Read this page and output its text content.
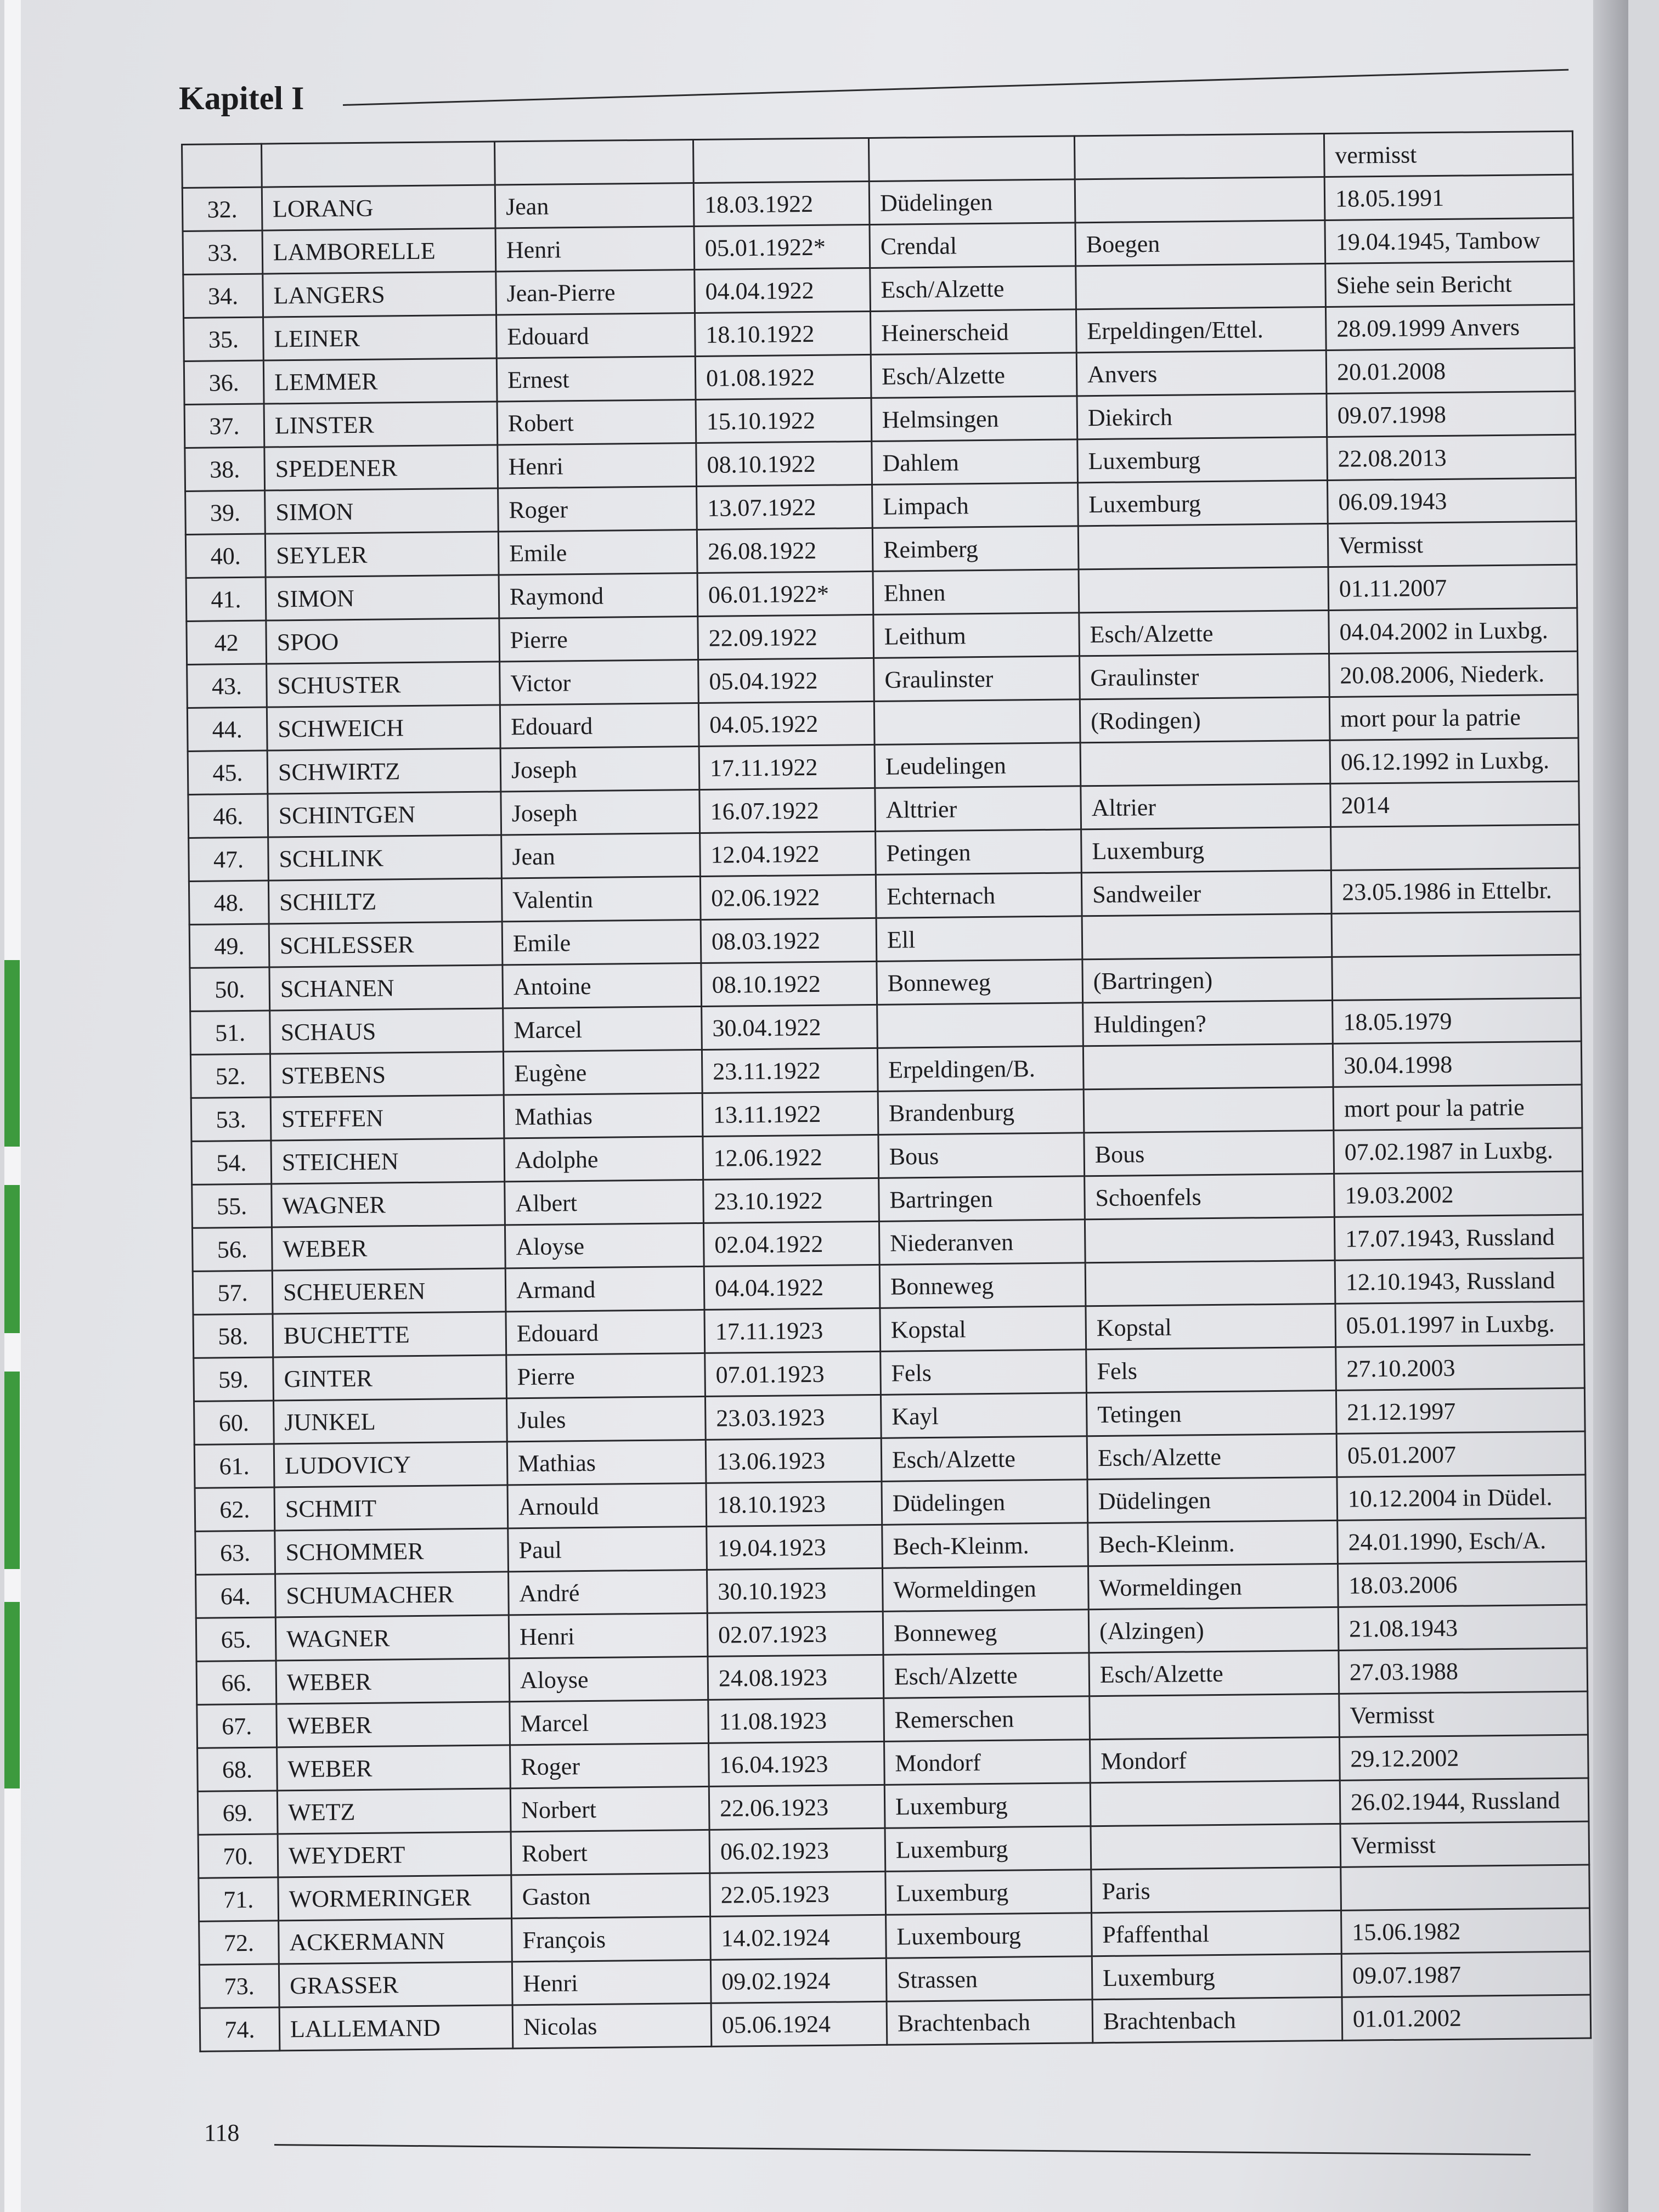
Kapitel I
						vermisst
32.	LORANG	Jean	18.03.1922	Düdelingen		18.05.1991
33.	LAMBORELLE	Henri	05.01.1922*	Crendal	Boegen	19.04.1945, Tambow
34.	LANGERS	Jean-Pierre	04.04.1922	Esch/Alzette		Siehe sein Bericht
35.	LEINER	Edouard	18.10.1922	Heinerscheid	Erpeldingen/Ettel.	28.09.1999 Anvers
36.	LEMMER	Ernest	01.08.1922	Esch/Alzette	Anvers	20.01.2008
37.	LINSTER	Robert	15.10.1922	Helmsingen	Diekirch	09.07.1998
38.	SPEDENER	Henri	08.10.1922	Dahlem	Luxemburg	22.08.2013
39.	SIMON	Roger	13.07.1922	Limpach	Luxemburg	06.09.1943
40.	SEYLER	Emile	26.08.1922	Reimberg		Vermisst
41.	SIMON	Raymond	06.01.1922*	Ehnen		01.11.2007
42	SPOO	Pierre	22.09.1922	Leithum	Esch/Alzette	04.04.2002 in Luxbg.
43.	SCHUSTER	Victor	05.04.1922	Graulinster	Graulinster	20.08.2006, Niederk.
44.	SCHWEICH	Edouard	04.05.1922		(Rodingen)	mort pour la patrie
45.	SCHWIRTZ	Joseph	17.11.1922	Leudelingen		06.12.1992 in Luxbg.
46.	SCHINTGEN	Joseph	16.07.1922	Alttrier	Altrier	2014
47.	SCHLINK	Jean	12.04.1922	Petingen	Luxemburg	
48.	SCHILTZ	Valentin	02.06.1922	Echternach	Sandweiler	23.05.1986 in Ettelbr.
49.	SCHLESSER	Emile	08.03.1922	Ell		
50.	SCHANEN	Antoine	08.10.1922	Bonneweg	(Bartringen)	
51.	SCHAUS	Marcel	30.04.1922		Huldingen?	18.05.1979
52.	STEBENS	Eugène	23.11.1922	Erpeldingen/B.		30.04.1998
53.	STEFFEN	Mathias	13.11.1922	Brandenburg		mort pour la patrie
54.	STEICHEN	Adolphe	12.06.1922	Bous	Bous	07.02.1987 in Luxbg.
55.	WAGNER	Albert	23.10.1922	Bartringen	Schoenfels	19.03.2002
56.	WEBER	Aloyse	02.04.1922	Niederanven		17.07.1943, Russland
57.	SCHEUEREN	Armand	04.04.1922	Bonneweg		12.10.1943, Russland
58.	BUCHETTE	Edouard	17.11.1923	Kopstal	Kopstal	05.01.1997 in Luxbg.
59.	GINTER	Pierre	07.01.1923	Fels	Fels	27.10.2003
60.	JUNKEL	Jules	23.03.1923	Kayl	Tetingen	21.12.1997
61.	LUDOVICY	Mathias	13.06.1923	Esch/Alzette	Esch/Alzette	05.01.2007
62.	SCHMIT	Arnould	18.10.1923	Düdelingen	Düdelingen	10.12.2004 in Düdel.
63.	SCHOMMER	Paul	19.04.1923	Bech-Kleinm.	Bech-Kleinm.	24.01.1990, Esch/A.
64.	SCHUMACHER	André	30.10.1923	Wormeldingen	Wormeldingen	18.03.2006
65.	WAGNER	Henri	02.07.1923	Bonneweg	(Alzingen)	21.08.1943
66.	WEBER	Aloyse	24.08.1923	Esch/Alzette	Esch/Alzette	27.03.1988
67.	WEBER	Marcel	11.08.1923	Remerschen		Vermisst
68.	WEBER	Roger	16.04.1923	Mondorf	Mondorf	29.12.2002
69.	WETZ	Norbert	22.06.1923	Luxemburg		26.02.1944, Russland
70.	WEYDERT	Robert	06.02.1923	Luxemburg		Vermisst
71.	WORMERINGER	Gaston	22.05.1923	Luxemburg	Paris	
72.	ACKERMANN	François	14.02.1924	Luxembourg	Pfaffenthal	15.06.1982
73.	GRASSER	Henri	09.02.1924	Strassen	Luxemburg	09.07.1987
74.	LALLEMAND	Nicolas	05.06.1924	Brachtenbach	Brachtenbach	01.01.2002
118
